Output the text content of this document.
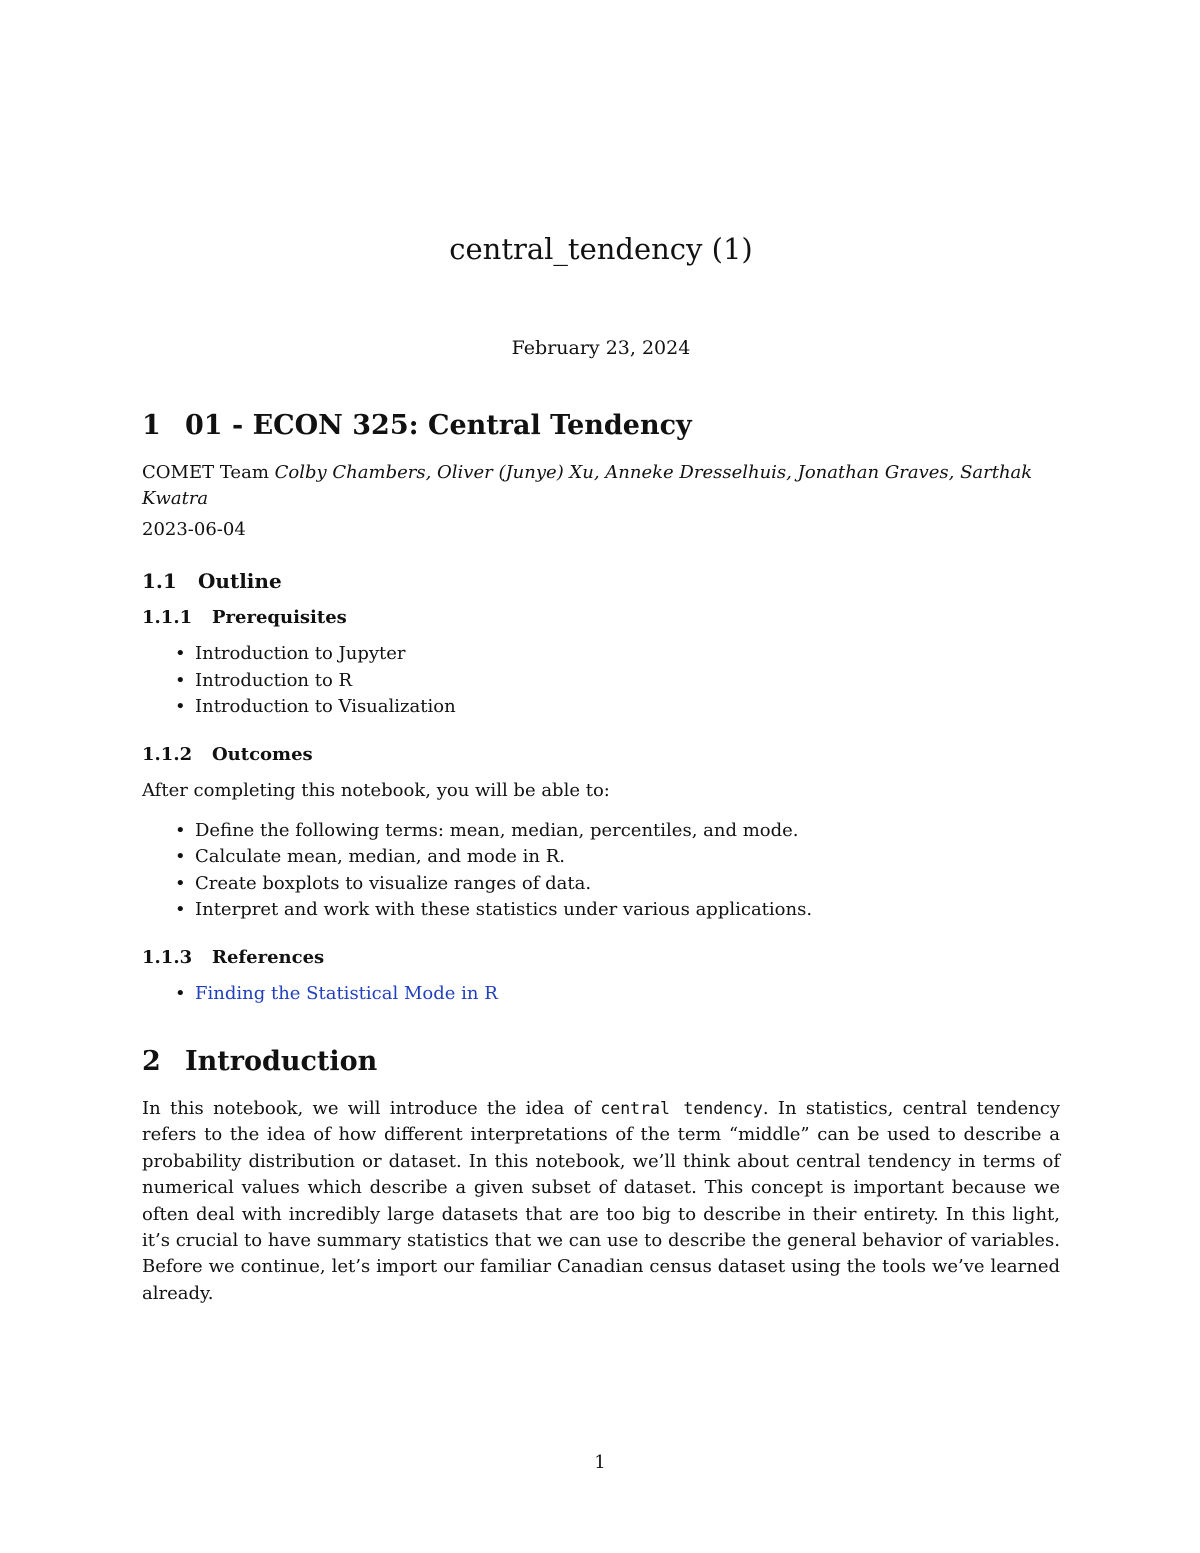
central_tendency (1)
February 23, 2024
1 01 - ECON 325: Central Tendency

COMET Team Colby Chambers, Oliver (Junye) Xu, Anneke Dresselhuis, Jonathan Graves, Sarthak Kwatra

2023-06-04
1.1 Outline
1.1.1 Prerequisites
• Introduction to Jupyter
• Introduction to R
• Introduction to Visualization
1.1.2 Outcomes

After completing this notebook, you will be able to:

• Define the following terms: mean, median, percentiles, and mode.
• Calculate mean, median, and mode in R.
• Create boxplots to visualize ranges of data.
• Interpret and work with these statistics under various applications.
1.1.3 References
• Finding the Statistical Mode in R
2 Introduction

In this notebook, we will introduce the idea of central tendency. In statistics, central tendency refers to the idea of how different interpretations of the term “middle” can be used to describe a probability distribution or dataset. In this notebook, we’ll think about central tendency in terms of numerical values which describe a given subset of dataset. This concept is important because we often deal with incredibly large datasets that are too big to describe in their entirety. In this light, it’s crucial to have summary statistics that we can use to describe the general behavior of variables. Before we continue, let’s import our familiar Canadian census dataset using the tools we’ve learned already.

1
